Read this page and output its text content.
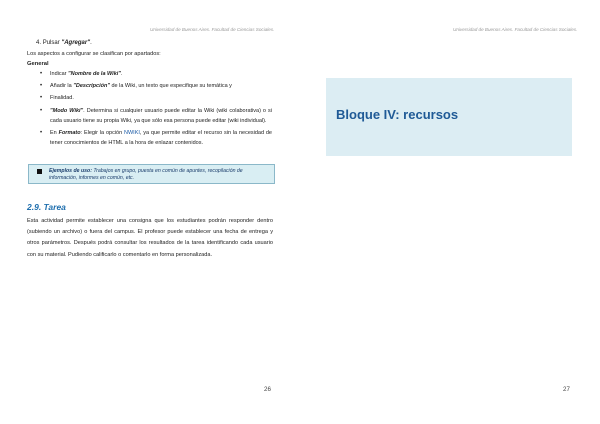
Universidad de Buenos Aires. Facultad de Ciencias Sociales.
4. Pulsar "Agregar".
Los aspectos a configurar se clasifican por apartados:
General
• Indicar "Nombre de la Wiki".
• Añadir la "Descripción" de la Wiki, un texto que especifique su temática y
• Finalidad.
• "Modo Wiki". Determina si cualquier usuario puede editar la Wiki (wiki colaborativa) o si cada usuario tiene su propia Wiki, ya que sólo esa persona puede editar (wiki individual).
• En Formato: Elegir la opción NWIKI, ya que permite editar el recurso sin la necesidad de tener conocimientos de HTML a la hora de enlazar contenidos.
Ejemplos de uso: Trabajos en grupo, puesta en común de apuntes, recopilación de información, informes en común, etc.
2.9. Tarea

Esta actividad permite establecer una consigna que los estudiantes podrán responder dentro (subiendo un archivo) o fuera del campus. El profesor puede establecer una fecha de entrega y otros parámetros. Después podrá consultar los resultados de la tarea identificando cada usuario con su material. Pudiendo calificarlo o comentarlo en forma personalizada.

26
Universidad de Buenos Aires. Facultad de Ciencias Sociales.
Bloque IV: recursos
27
